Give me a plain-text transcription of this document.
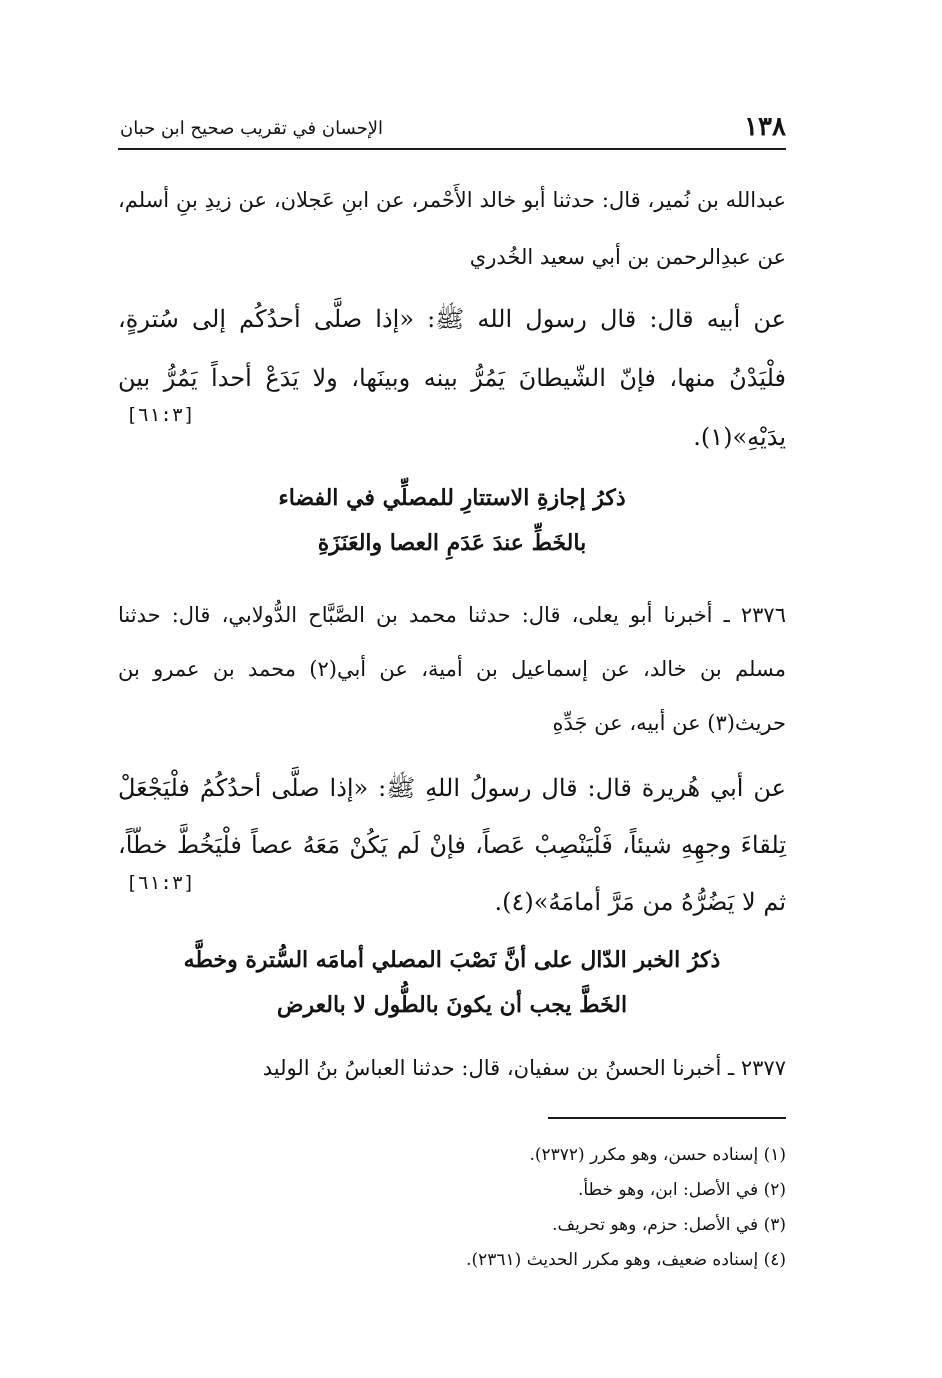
١٣٨
الإحسان في تقريب صحيح ابن حبان
عبدالله بن نُمير، قال: حدثنا أبو خالد الأَحْمر، عن ابنِ عَجلان، عن زيدِ بنِ أسلم، عن عبدِالرحمن بن أبي سعيد الخُدري
عن أبيه قال: قال رسول الله ﷺ: «إذا صلَّى أحدُكُم إلى سُترةٍ، فلْيَدْنُ منها، فإنّ الشّيطانَ يَمُرُّ بينه وبينَها، ولا يَدَعْ أحداً يَمُرُّ بين يدَيْهِ»(١).
[٦١:٣]
ذكرُ إجازةِ الاستتارِ للمصلِّي في الفضاء
بالخَطِّ عندَ عَدَمِ العصا والعَنَزَةِ
٢٣٧٦ ـ أخبرنا أبو يعلى، قال: حدثنا محمد بن الصَّبَّاح الدُّولابي، قال: حدثنا مسلم بن خالد، عن إسماعيل بن أمية، عن أبي(٢) محمد بن عمرو بن حريث(٣) عن أبيه، عن جَدِّهِ
عن أبي هُريرة قال: قال رسولُ اللهِ ﷺ: «إذا صلَّى أحدُكُمُ فلْيَجْعَلْ تِلقاءَ وجهِهِ شيئاً، فَلْيَنْصِبْ عَصاً، فإنْ لَم يَكُنْ مَعَهُ عصاً فلْيَخُطَّ خطّاً، ثم لا يَضُرُّهُ من مَرَّ أمامَهُ»(٤).
[٦١:٣]
ذكرُ الخبر الدّال على أنَّ نَصْبَ المصلي أمامَه السُّترة وخطَّه
الخَطَّ يجب أن يكونَ بالطُّول لا بالعرض
٢٣٧٧ ـ أخبرنا الحسنُ بن سفيان، قال: حدثنا العباسُ بنُ الوليد
(١) إسناده حسن، وهو مكرر (٢٣٧٢).
(٢) في الأصل: ابن، وهو خطأ.
(٣) في الأصل: حزم، وهو تحريف.
(٤) إسناده ضعيف، وهو مكرر الحديث (٢٣٦١).
